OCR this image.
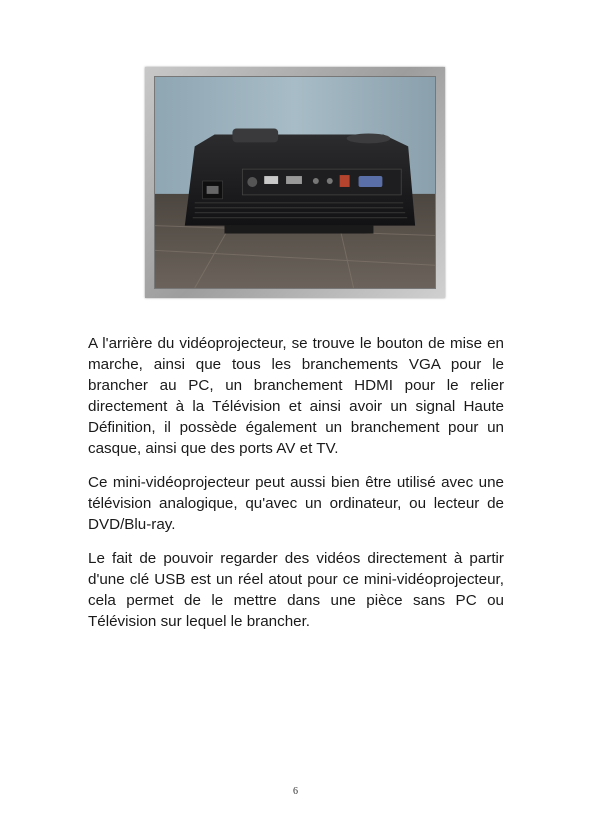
A l'arrière du vidéoprojecteur, se trouve le bouton de mise en marche, ainsi que tous les branchements VGA pour le brancher au PC, un branchement HDMI pour le relier directement à la Télévision et ainsi avoir un signal Haute Définition, il possède également un branchement pour un casque, ainsi que des ports AV et TV.

Ce mini-vidéoprojecteur peut aussi bien être utilisé avec une télévision analogique, qu'avec un ordinateur, ou lecteur de DVD/Blu-ray.

Le fait de pouvoir regarder des vidéos directement à partir d'une clé USB est un réel atout pour ce mini-vidéoprojecteur, cela permet de le mettre dans une pièce sans PC ou Télévision sur lequel le brancher.

6
